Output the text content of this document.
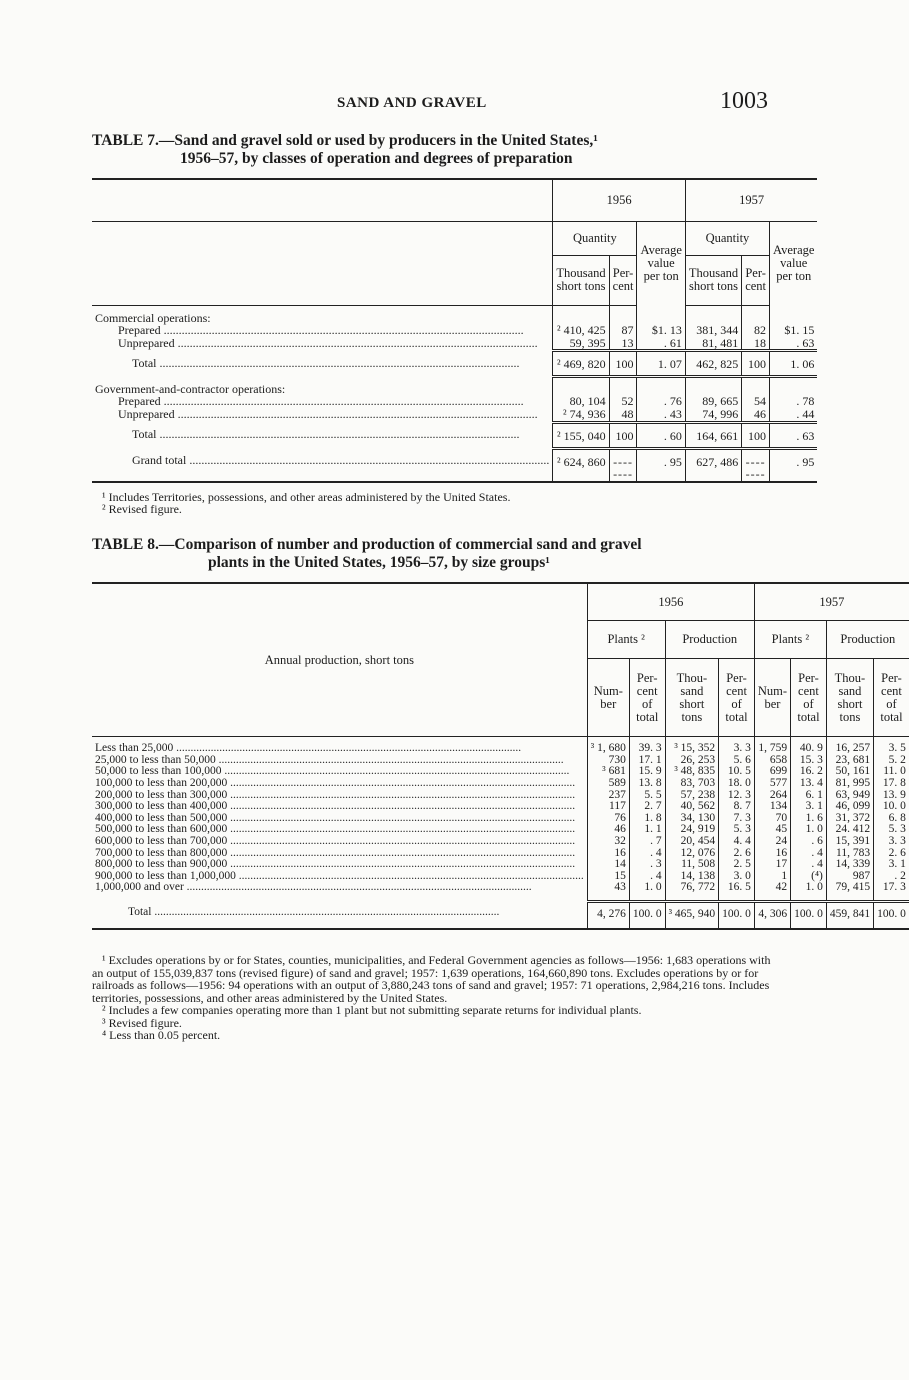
SAND AND GRAVEL	1003
TABLE 7.—Sand and gravel sold or used by producers in the United States,¹
1956–57, by classes of operation and degrees of preparation
	1956			1957		
	Quantity		Average value per ton	Quantity		Average value per ton
	Thousand short tons	Per-cent		Thousand short tons	Per-cent	

Commercial operations:						
Prepared .....	² 410, 425	87	$1. 13	381, 344	82	$1. 15
Unprepared .....	59, 395	13	. 61	81, 481	18	. 63
Total .....	² 469, 820	100	1. 07	462, 825	100	1. 06
Government-and-contractor operations:						
Prepared .....	80, 104	52	. 76	89, 665	54	. 78
Unprepared .....	² 74, 936	48	. 43	74, 996	46	. 44
Total .....	² 155, 040	100	. 60	164, 661	100	. 63
Grand total .....	² 624, 860	--------	. 95	627, 486	--------	. 95

¹ Includes Territories, possessions, and other areas administered by the United States.

² Revised figure.

TABLE 8.—Comparison of number and production of commercial sand and gravel
plants in the United States, 1956–57, by size groups¹
Annual production, short tons	1956				1957			
	Plants ²		Production		Plants ²		Production	
	Num-ber	Per-cent of total	Thou-sand short tons	Per-cent of total	Num-ber	Per-cent of total	Thou-sand short tons	Per-cent of total

Less than 25,000 .....	³ 1, 680	39. 3	³ 15, 352	3. 3	1, 759	40. 9	16, 257	3. 5
25,000 to less than 50,000 .....	730	17. 1	26, 253	5. 6	658	15. 3	23, 681	5. 2
50,000 to less than 100,000 .....	³ 681	15. 9	³ 48, 835	10. 5	699	16. 2	50, 161	11. 0
100,000 to less than 200,000 .....	589	13. 8	83, 703	18. 0	577	13. 4	81, 995	17. 8
200,000 to less than 300,000 .....	237	5. 5	57, 238	12. 3	264	6. 1	63, 949	13. 9
300,000 to less than 400,000 .....	117	2. 7	40, 562	8. 7	134	3. 1	46, 099	10. 0
400,000 to less than 500,000 .....	76	1. 8	34, 130	7. 3	70	1. 6	31, 372	6. 8
500,000 to less than 600,000 .....	46	1. 1	24, 919	5. 3	45	1. 0	24. 412	5. 3
600,000 to less than 700,000 .....	32	. 7	20, 454	4. 4	24	. 6	15, 391	3. 3
700,000 to less than 800,000 .....	16	. 4	12, 076	2. 6	16	. 4	11, 783	2. 6
800,000 to less than 900,000 .....	14	. 3	11, 508	2. 5	17	. 4	14, 339	3. 1
900,000 to less than 1,000,000 .....	15	. 4	14, 138	3. 0	1	(⁴)	987	. 2
1,000,000 and over .....	43	1. 0	76, 772	16. 5	42	1. 0	79, 415	17. 3

Total .....	4, 276	100. 0	³ 465, 940	100. 0	4, 306	100. 0	459, 841	100. 0

¹ Excludes operations by or for States, counties, municipalities, and Federal Government agencies as follows—1956: 1,683 operations with an output of 155,039,837 tons (revised figure) of sand and gravel; 1957: 1,639 operations, 164,660,890 tons. Excludes operations by or for railroads as follows—1956: 94 operations with an output of 3,880,243 tons of sand and gravel; 1957: 71 operations, 2,984,216 tons. Includes territories, possessions, and other areas administered by the United States.

² Includes a few companies operating more than 1 plant but not submitting separate returns for individual plants.

³ Revised figure.

⁴ Less than 0.05 percent.
